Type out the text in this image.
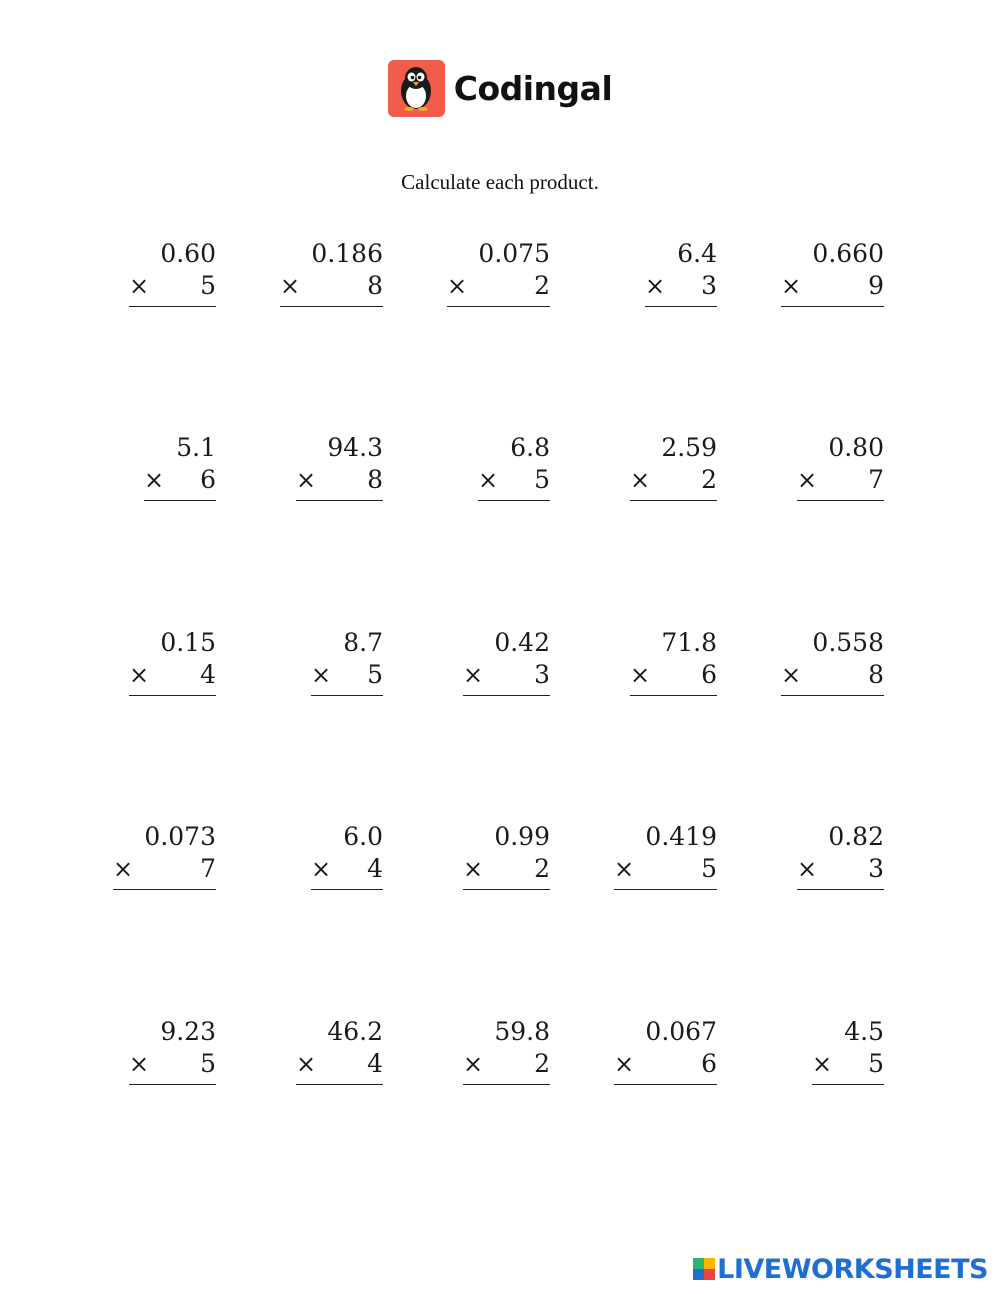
Codingal
Calculate each product.
0.60
× 5
0.186
×	8
0.075
×	2
6.4
× 3
0.660
×	9
5.1
× 6
94.3
× 8
6.8
× 5
2.59
× 2
0.80
× 7
0.15
× 4
8.7
× 5
0.42
× 3
71.8
× 6
0.558
×	8
0.073
×	7
6.0
× 4
0.99
× 2
0.419
×	5
0.82
× 3
9.23
× 5
46.2
× 4
59.8
× 2
0.067
×	6
4.5
× 5
LIVEWORKSHEETS
